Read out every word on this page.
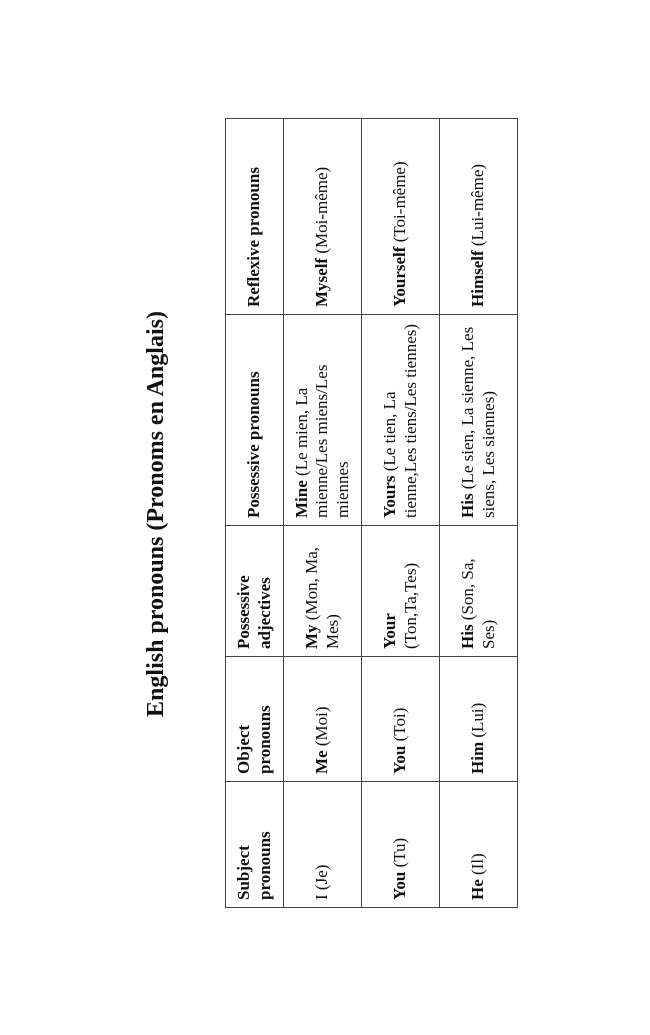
English pronouns (Pronoms en Anglais)
Subject pronouns	Object pronouns	Possessive adjectives	Possessive pronouns	Reflexive pronouns
I (Je)	Me (Moi)	My (Mon, Ma, Mes)	Mine (Le mien, La mienne/Les miens/Les miennes	Myself (Moi-même)
You (Tu)	You (Toi)	Your (Ton,Ta,Tes)	Yours (Le tien, La tienne,Les tiens/Les tiennes)	Yourself (Toi-même)
He (Il)	Him (Lui)	His (Son, Sa, Ses)	His (Le sien, La sienne, Les siens, Les siennes)	Himself (Lui-même)
